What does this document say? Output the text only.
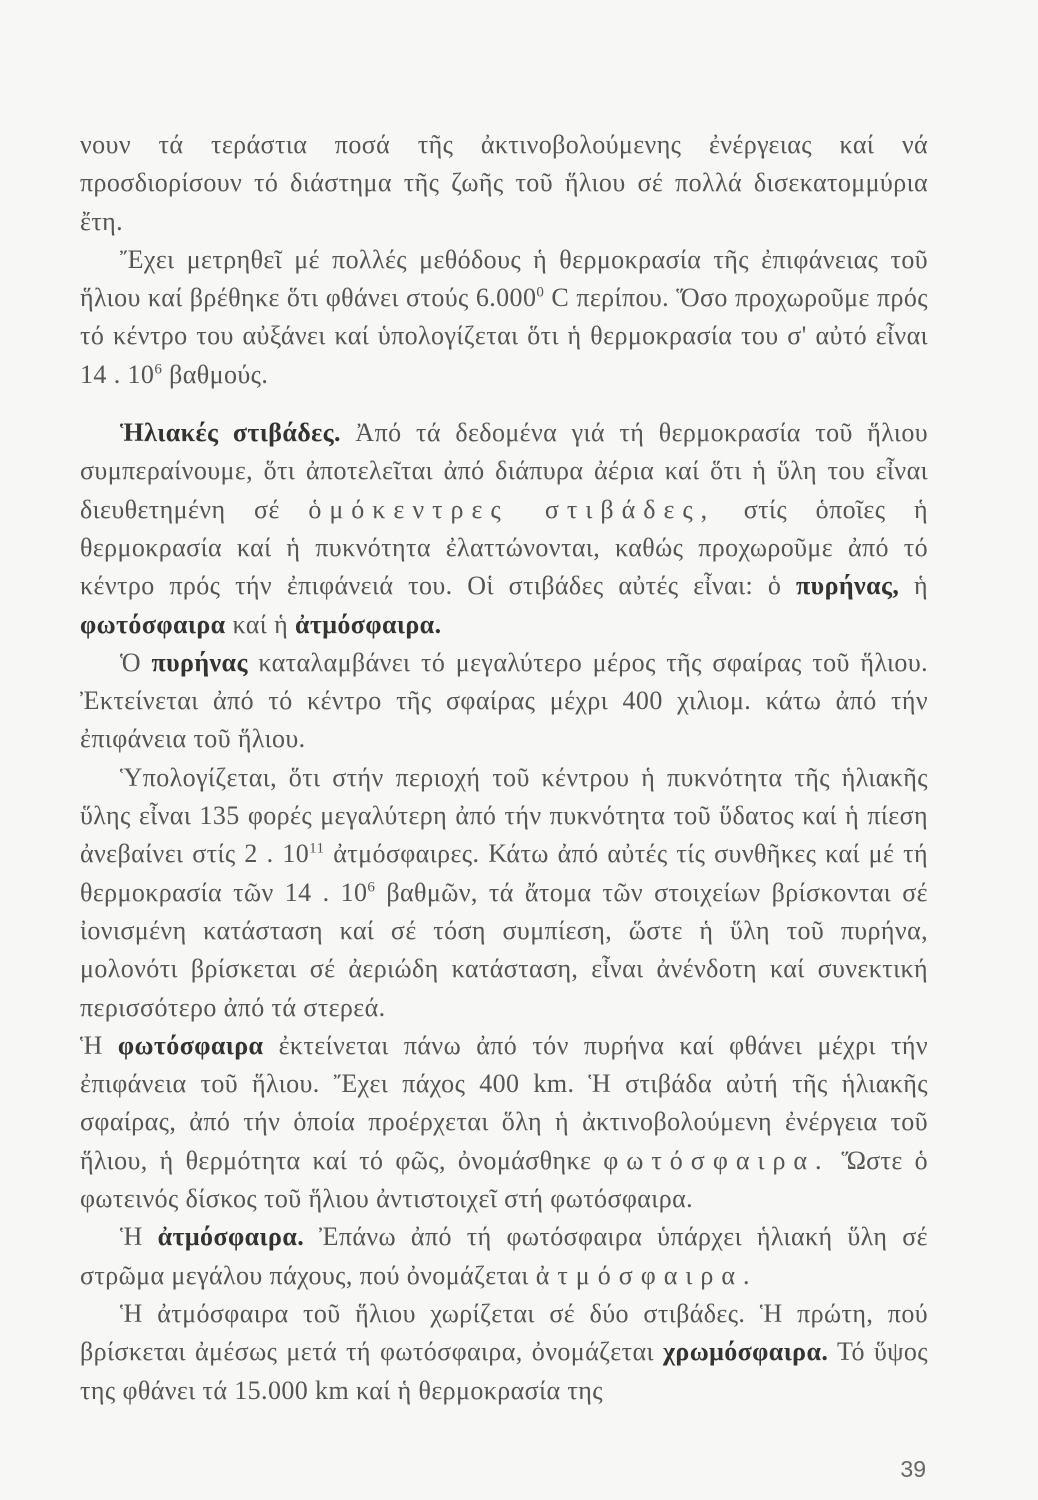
νουν τά τεράστια ποσά τῆς ἀκτινοβολούμενης ἐνέργειας καί νά προσδιορίσουν τό διάστημα τῆς ζωῆς τοῦ ἥλιου σέ πολλά δισεκατομμύρια ἔτη.

Ἔχει μετρηθεῖ μέ πολλές μεθόδους ἡ θερμοκρασία τῆς ἐπιφάνειας τοῦ ἥλιου καί βρέθηκε ὅτι φθάνει στούς 6.000$^0$ C περίπου. Ὅσο προχωροῦμε πρός τό κέντρο του αὐξάνει καί ὑπολογίζεται ὅτι ἡ θερμοκρασία του σ' αὐτό εἶναι 14 . $10^6$ βαθμούς.

Ἡλιακές στιβάδες. Ἀπό τά δεδομένα γιά τή θερμοκρασία τοῦ ἥλιου συμπεραίνουμε, ὅτι ἀποτελεῖται ἀπό διάπυρα ἀέρια καί ὅτι ἡ ὕλη του εἶναι διευθετημένη σέ ὁμόκεντρες στιβάδες, στίς ὁποῖες ἡ θερμοκρασία καί ἡ πυκνότητα ἐλαττώνονται, καθώς προχωροῦμε ἀπό τό κέντρο πρός τήν ἐπιφάνειά του. Οἱ στιβάδες αὐτές εἶναι: ὁ πυρήνας, ἡ φωτόσφαιρα καί ἡ ἀτμόσφαιρα.

Ὁ πυρήνας καταλαμβάνει τό μεγαλύτερο μέρος τῆς σφαίρας τοῦ ἥλιου. Ἐκτείνεται ἀπό τό κέντρο τῆς σφαίρας μέχρι 400 χιλιομ. κάτω ἀπό τήν ἐπιφάνεια τοῦ ἥλιου.

Ὑπολογίζεται, ὅτι στήν περιοχή τοῦ κέντρου ἡ πυκνότητα τῆς ἡλιακῆς ὕλης εἶναι 135 φορές μεγαλύτερη ἀπό τήν πυκνότητα τοῦ ὕδατος καί ἡ πίεση ἀνεβαίνει στίς 2 . $10^{11}$ ἀτμόσφαιρες. Κάτω ἀπό αὐτές τίς συνθῆκες καί μέ τή θερμοκρασία τῶν 14 . $10^6$ βαθμῶν, τά ἄτομα τῶν στοιχείων βρίσκονται σέ ἰονισμένη κατάσταση καί σέ τόση συμπίεση, ὥστε ἡ ὕλη τοῦ πυρήνα, μολονότι βρίσκεται σέ ἀεριώδη κατάσταση, εἶναι ἀνένδοτη καί συνεκτική περισσότερο ἀπό τά στερεά.

Ἡ φωτόσφαιρα ἐκτείνεται πάνω ἀπό τόν πυρήνα καί φθάνει μέχρι τήν ἐπιφάνεια τοῦ ἥλιου. Ἔχει πάχος 400 km. Ἡ στιβάδα αὐτή τῆς ἡλιακῆς σφαίρας, ἀπό τήν ὁποία προέρχεται ὅλη ἡ ἀκτινοβολούμενη ἐνέργεια τοῦ ἥλιου, ἡ θερμότητα καί τό φῶς, ὀνομάσθηκε φωτόσφαιρα. Ὥστε ὁ φωτεινός δίσκος τοῦ ἥλιου ἀντιστοιχεῖ στή φωτόσφαιρα.

Ἡ ἀτμόσφαιρα. Ἐπάνω ἀπό τή φωτόσφαιρα ὑπάρχει ἡλιακή ὕλη σέ στρῶμα μεγάλου πάχους, πού ὀνομάζεται ἀτμόσφαιρα.

Ἡ ἀτμόσφαιρα τοῦ ἥλιου χωρίζεται σέ δύο στιβάδες. Ἡ πρώτη, πού βρίσκεται ἀμέσως μετά τή φωτόσφαιρα, ὀνομάζεται χρωμόσφαιρα. Τό ὕψος της φθάνει τά 15.000 km καί ἡ θερμοκρασία της

39
